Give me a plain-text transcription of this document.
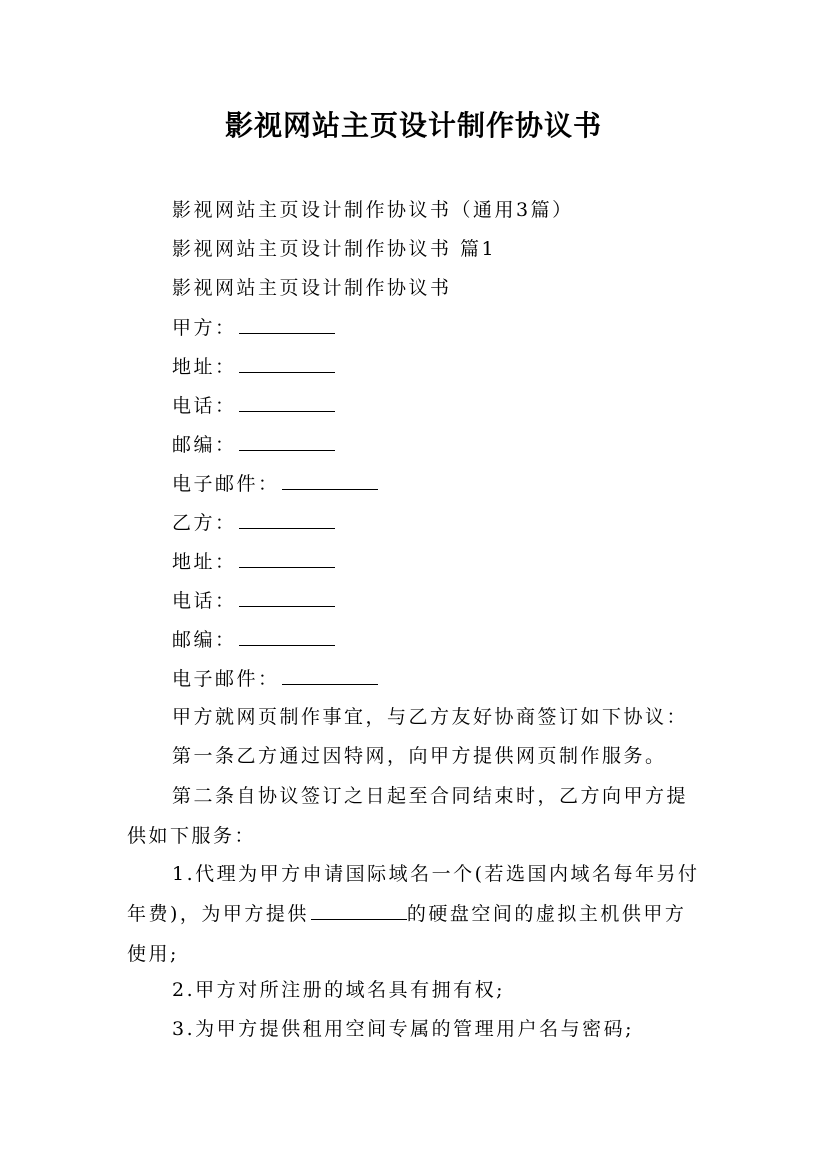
影视网站主页设计制作协议书
影视网站主页设计制作协议书（通用3篇）
影视网站主页设计制作协议书 篇1
影视网站主页设计制作协议书
甲方：
地址：
电话：
邮编：
电子邮件：
乙方：
地址：
电话：
邮编：
电子邮件：
甲方就网页制作事宜，与乙方友好协商签订如下协议：
第一条乙方通过因特网，向甲方提供网页制作服务。
第二条自协议签订之日起至合同结束时，乙方向甲方提供如下服务：
1.代理为甲方申请国际域名一个(若选国内域名每年另付年费)，为甲方提供	的硬盘空间的虚拟主机供甲方使用;
2.甲方对所注册的域名具有拥有权;
3.为甲方提供租用空间专属的管理用户名与密码;
